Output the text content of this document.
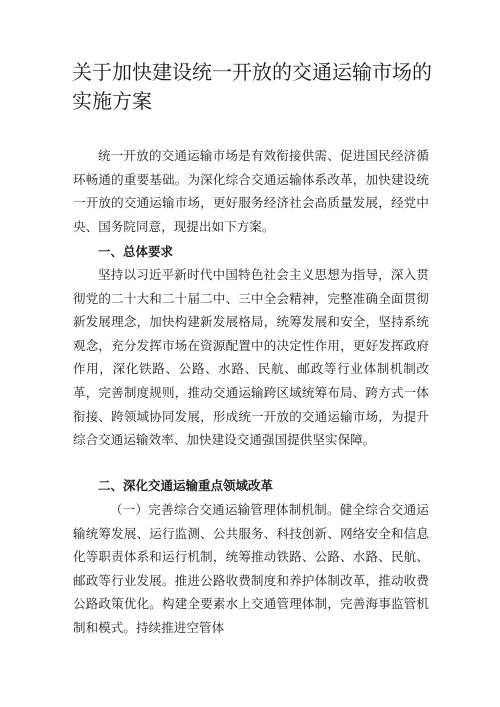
关于加快建设统一开放的交通运输市场的实施方案

统一开放的交通运输市场是有效衔接供需、促进国民经济循环畅通的重要基础。为深化综合交通运输体系改革，加快建设统一开放的交通运输市场，更好服务经济社会高质量发展，经党中央、国务院同意，现提出如下方案。

一、总体要求

坚持以习近平新时代中国特色社会主义思想为指导，深入贯彻党的二十大和二十届二中、三中全会精神，完整准确全面贯彻新发展理念，加快构建新发展格局，统筹发展和安全，坚持系统观念，充分发挥市场在资源配置中的决定性作用，更好发挥政府作用，深化铁路、公路、水路、民航、邮政等行业体制机制改革，完善制度规则，推动交通运输跨区域统筹布局、跨方式一体衔接、跨领域协同发展，形成统一开放的交通运输市场，为提升综合交通运输效率、加快建设交通强国提供坚实保障。

二、深化交通运输重点领域改革

（一）完善综合交通运输管理体制机制。健全综合交通运输统筹发展、运行监测、公共服务、科技创新、网络安全和信息化等职责体系和运行机制，统筹推动铁路、公路、水路、民航、邮政等行业发展。推进公路收费制度和养护体制改革，推动收费公路政策优化。构建全要素水上交通管理体制，完善海事监管机制和模式。持续推进空管体
